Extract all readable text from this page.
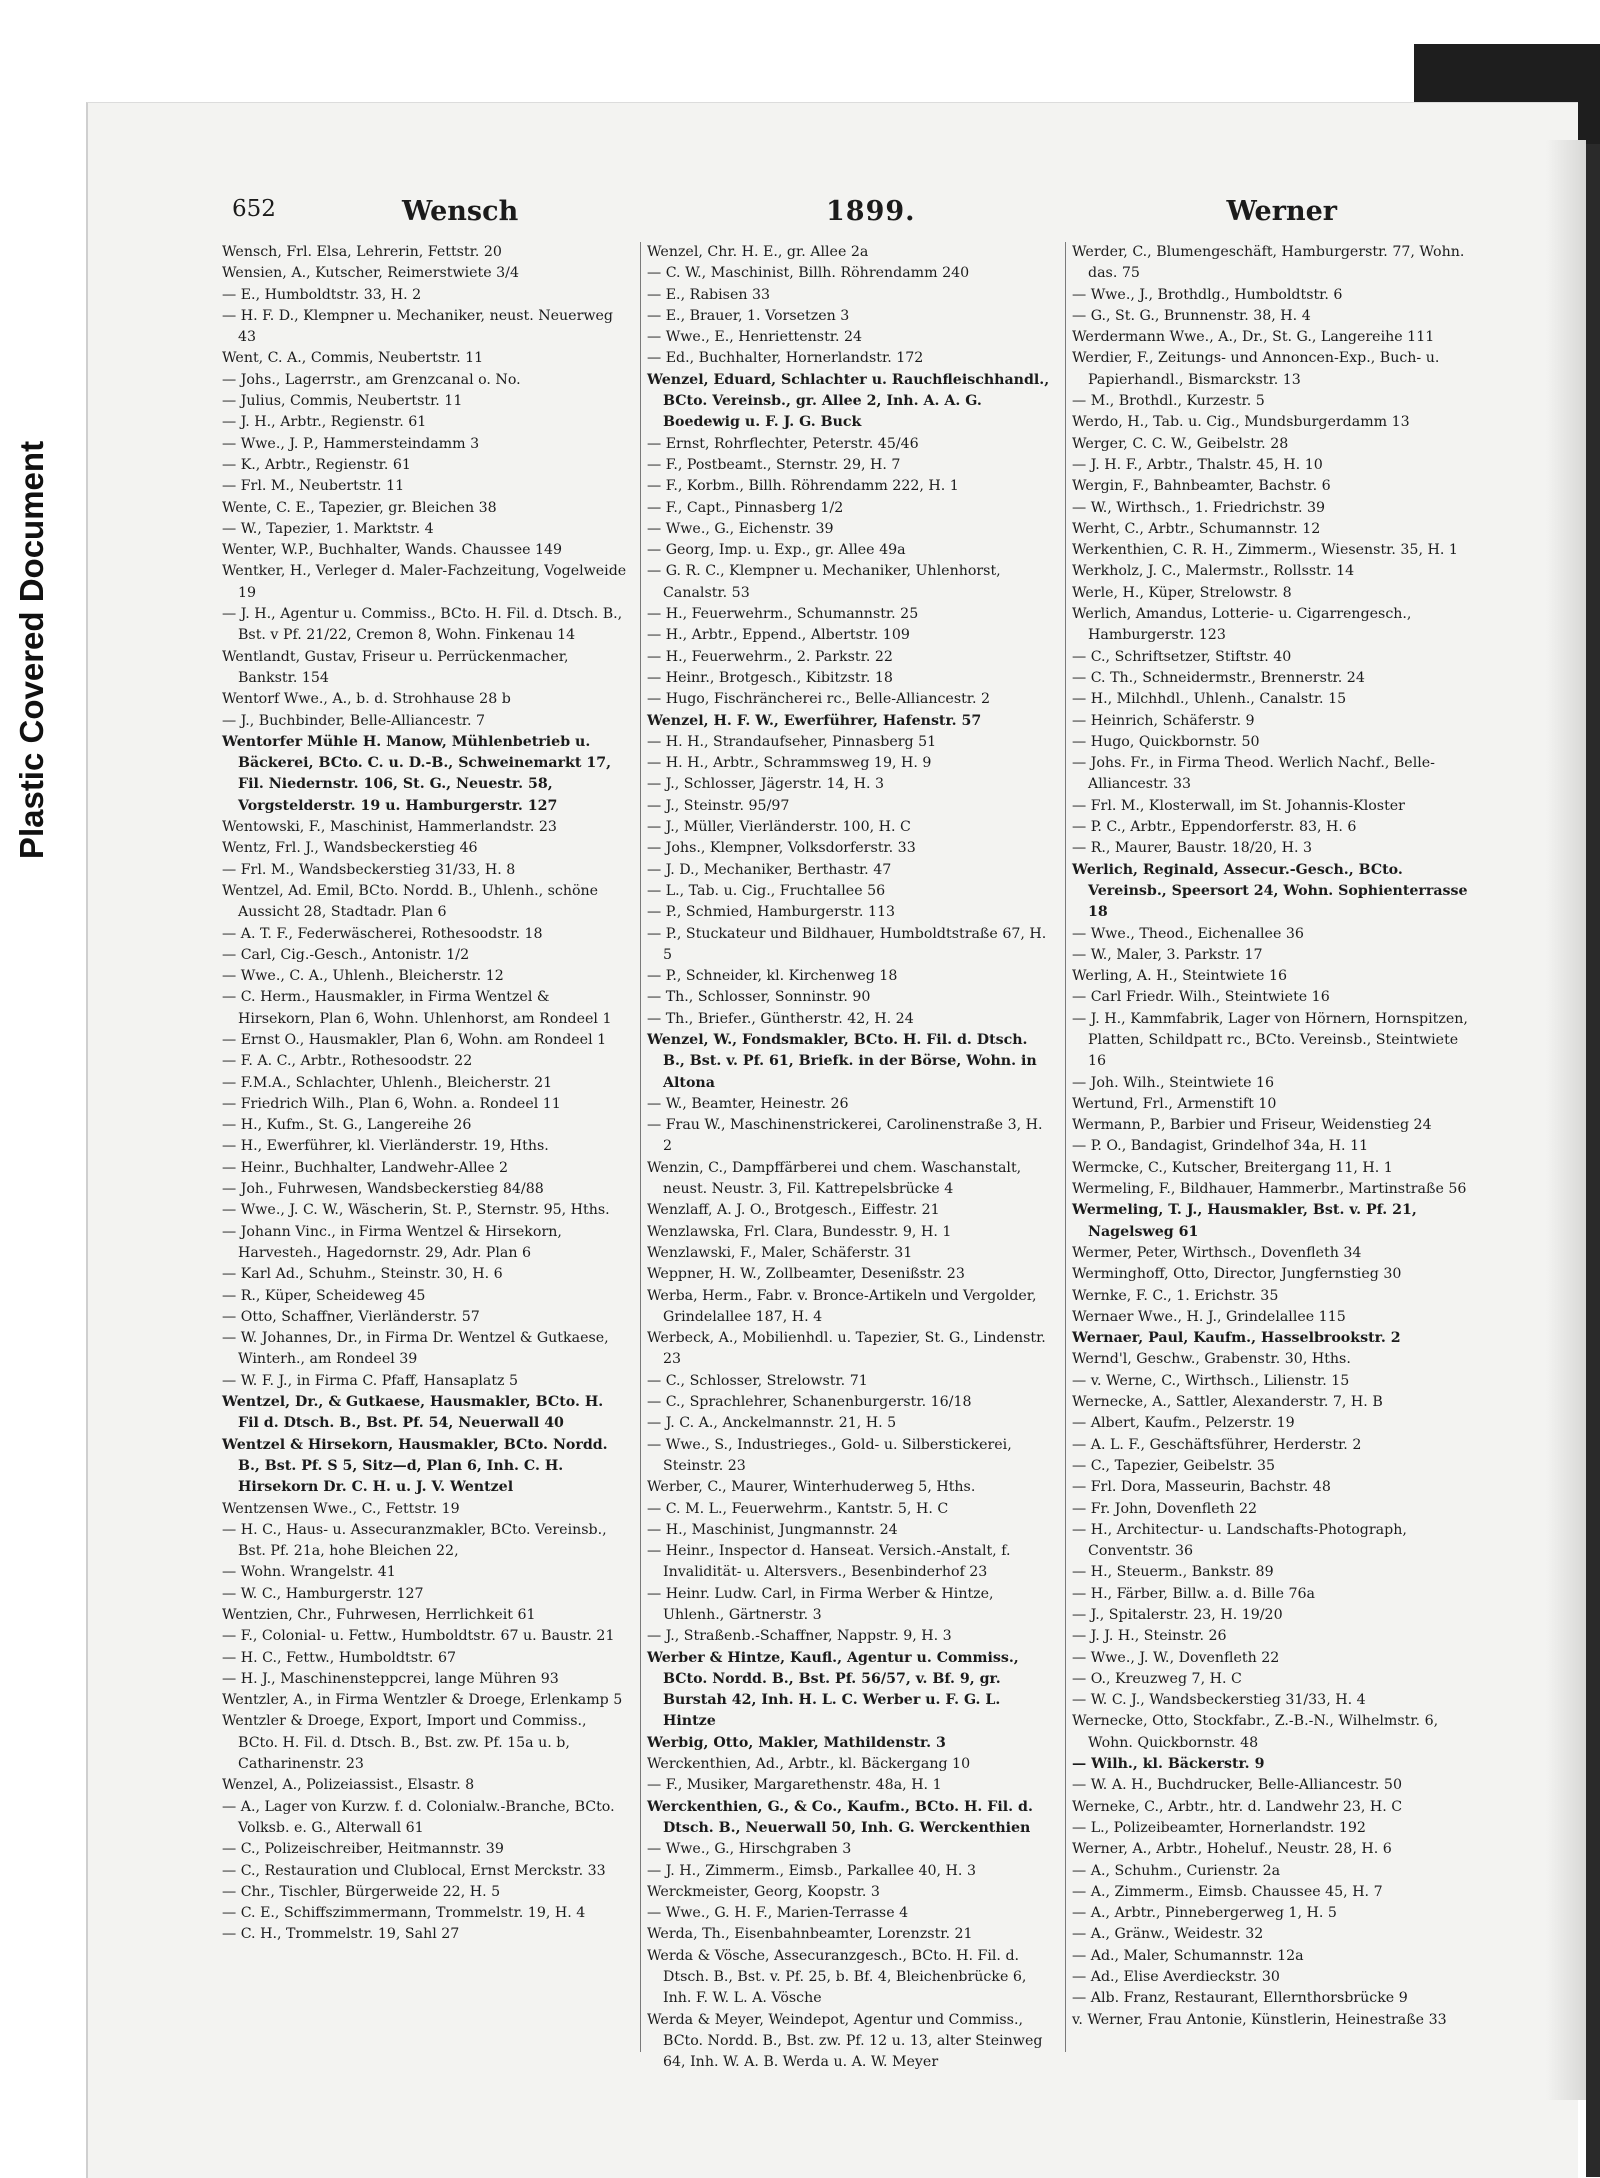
Plastic Covered Document
652	Wensch	1899.	Werner
Wensch, Frl. Elsa, Lehrerin, Fettstr. 20
Wensien, A., Kutscher, Reimerstwiete 3/4
— E., Humboldtstr. 33, H. 2
— H. F. D., Klempner u. Mechaniker, neust. Neuerweg 43
Went, C. A., Commis, Neubertstr. 11
— Johs., Lagerrstr., am Grenzcanal o. No.
— Julius, Commis, Neubertstr. 11
— J. H., Arbtr., Regienstr. 61
— Wwe., J. P., Hammersteindamm 3
— K., Arbtr., Regienstr. 61
— Frl. M., Neubertstr. 11
Wente, C. E., Tapezier, gr. Bleichen 38
— W., Tapezier, 1. Marktstr. 4
Wenter, W.P., Buchhalter, Wands. Chaussee 149
Wentker, H., Verleger d. Maler-Fachzeitung, Vogelweide 19
— J. H., Agentur u. Commiss., BCto. H. Fil. d. Dtsch. B., Bst. v Pf. 21/22, Cremon 8, Wohn. Finkenau 14
Wentlandt, Gustav, Friseur u. Perrückenmacher, Bankstr. 154
Wentorf Wwe., A., b. d. Strohhause 28 b
— J., Buchbinder, Belle-Alliancestr. 7
Wentorfer Mühle H. Manow, Mühlenbetrieb u. Bäckerei, BCto. C. u. D.-B., Schweinemarkt 17, Fil. Niedernstr. 106, St. G., Neuestr. 58, Vorgstelderstr. 19 u. Hamburgerstr. 127
Wentowski, F., Maschinist, Hammerlandstr. 23
Wentz, Frl. J., Wandsbeckerstieg 46
— Frl. M., Wandsbeckerstieg 31/33, H. 8
Wentzel, Ad. Emil, BCto. Nordd. B., Uhlenh., schöne Aussicht 28, Stadtadr. Plan 6
— A. T. F., Federwäscherei, Rothesoodstr. 18
— Carl, Cig.-Gesch., Antonistr. 1/2
— Wwe., C. A., Uhlenh., Bleicherstr. 12
— C. Herm., Hausmakler, in Firma Wentzel & Hirsekorn, Plan 6, Wohn. Uhlenhorst, am Rondeel 1
— Ernst O., Hausmakler, Plan 6, Wohn. am Rondeel 1
— F. A. C., Arbtr., Rothesoodstr. 22
— F.M.A., Schlachter, Uhlenh., Bleicherstr. 21
— Friedrich Wilh., Plan 6, Wohn. a. Rondeel 11
— H., Kufm., St. G., Langereihe 26
— H., Ewerführer, kl. Vierländerstr. 19, Hths.
— Heinr., Buchhalter, Landwehr-Allee 2
— Joh., Fuhrwesen, Wandsbeckerstieg 84/88
— Wwe., J. C. W., Wäscherin, St. P., Sternstr. 95, Hths.
— Johann Vinc., in Firma Wentzel & Hirsekorn, Harvesteh., Hagedornstr. 29, Adr. Plan 6
— Karl Ad., Schuhm., Steinstr. 30, H. 6
— R., Küper, Scheideweg 45
— Otto, Schaffner, Vierländerstr. 57
— W. Johannes, Dr., in Firma Dr. Wentzel & Gutkaese, Winterh., am Rondeel 39
— W. F. J., in Firma C. Pfaff, Hansaplatz 5
Wentzel, Dr., & Gutkaese, Hausmakler, BCto. H. Fil d. Dtsch. B., Bst. Pf. 54, Neuerwall 40
Wentzel & Hirsekorn, Hausmakler, BCto. Nordd. B., Bst. Pf. S 5, Sitz—d, Plan 6, Inh. C. H. Hirsekorn Dr. C. H. u. J. V. Wentzel
Wentzensen Wwe., C., Fettstr. 19
— H. C., Haus- u. Assecuranzmakler, BCto. Vereinsb., Bst. Pf. 21a, hohe Bleichen 22,
— Wohn. Wrangelstr. 41
— W. C., Hamburgerstr. 127
Wentzien, Chr., Fuhrwesen, Herrlichkeit 61
— F., Colonial- u. Fettw., Humboldtstr. 67 u. Baustr. 21
— H. C., Fettw., Humboldtstr. 67
— H. J., Maschinensteppcrei, lange Mühren 93
Wentzler, A., in Firma Wentzler & Droege, Erlenkamp 5
Wentzler & Droege, Export, Import und Commiss., BCto. H. Fil. d. Dtsch. B., Bst. zw. Pf. 15a u. b, Catharinenstr. 23
Wenzel, A., Polizeiassist., Elsastr. 8
— A., Lager von Kurzw. f. d. Colonialw.-Branche, BCto. Volksb. e. G., Alterwall 61
— C., Polizeischreiber, Heitmannstr. 39
— C., Restauration und Clublocal, Ernst Merckstr. 33
— Chr., Tischler, Bürgerweide 22, H. 5
— C. E., Schiffszimmermann, Trommelstr. 19, H. 4
— C. H., Trommelstr. 19, Sahl 27
Wenzel, Chr. H. E., gr. Allee 2a
— C. W., Maschinist, Billh. Röhrendamm 240
— E., Rabisen 33
— E., Brauer, 1. Vorsetzen 3
— Wwe., E., Henriettenstr. 24
— Ed., Buchhalter, Hornerlandstr. 172
Wenzel, Eduard, Schlachter u. Rauchfleischhandl., BCto. Vereinsb., gr. Allee 2, Inh. A. A. G. Boedewig u. F. J. G. Buck
— Ernst, Rohrflechter, Peterstr. 45/46
— F., Postbeamt., Sternstr. 29, H. 7
— F., Korbm., Billh. Röhrendamm 222, H. 1
— F., Capt., Pinnasberg 1/2
— Wwe., G., Eichenstr. 39
— Georg, Imp. u. Exp., gr. Allee 49a
— G. R. C., Klempner u. Mechaniker, Uhlenhorst, Canalstr. 53
— H., Feuerwehrm., Schumannstr. 25
— H., Arbtr., Eppend., Albertstr. 109
— H., Feuerwehrm., 2. Parkstr. 22
— Heinr., Brotgesch., Kibitzstr. 18
— Hugo, Fischräncherei rc., Belle-Alliancestr. 2
Wenzel, H. F. W., Ewerführer, Hafenstr. 57
— H. H., Strandaufseher, Pinnasberg 51
— H. H., Arbtr., Schrammsweg 19, H. 9
— J., Schlosser, Jägerstr. 14, H. 3
— J., Steinstr. 95/97
— J., Müller, Vierländerstr. 100, H. C
— Johs., Klempner, Volksdorferstr. 33
— J. D., Mechaniker, Berthastr. 47
— L., Tab. u. Cig., Fruchtallee 56
— P., Schmied, Hamburgerstr. 113
— P., Stuckateur und Bildhauer, Humboldtstraße 67, H. 5
— P., Schneider, kl. Kirchenweg 18
— Th., Schlosser, Sonninstr. 90
— Th., Briefer., Güntherstr. 42, H. 24
Wenzel, W., Fondsmakler, BCto. H. Fil. d. Dtsch. B., Bst. v. Pf. 61, Briefk. in der Börse, Wohn. in Altona
— W., Beamter, Heinestr. 26
— Frau W., Maschinenstrickerei, Carolinenstraße 3, H. 2
Wenzin, C., Dampffärberei und chem. Waschanstalt, neust. Neustr. 3, Fil. Kattrepelsbrücke 4
Wenzlaff, A. J. O., Brotgesch., Eiffestr. 21
Wenzlawska, Frl. Clara, Bundesstr. 9, H. 1
Wenzlawski, F., Maler, Schäferstr. 31
Weppner, H. W., Zollbeamter, Desenißstr. 23
Werba, Herm., Fabr. v. Bronce-Artikeln und Vergolder, Grindelallee 187, H. 4
Werbeck, A., Mobilienhdl. u. Tapezier, St. G., Lindenstr. 23
— C., Schlosser, Strelowstr. 71
— C., Sprachlehrer, Schanenburgerstr. 16/18
— J. C. A., Anckelmannstr. 21, H. 5
— Wwe., S., Industrieges., Gold- u. Silberstickerei, Steinstr. 23
Werber, C., Maurer, Winterhuderweg 5, Hths.
— C. M. L., Feuerwehrm., Kantstr. 5, H. C
— H., Maschinist, Jungmannstr. 24
— Heinr., Inspector d. Hanseat. Versich.-Anstalt, f. Invalidität- u. Altersvers., Besenbinderhof 23
— Heinr. Ludw. Carl, in Firma Werber & Hintze, Uhlenh., Gärtnerstr. 3
— J., Straßenb.-Schaffner, Nappstr. 9, H. 3
Werber & Hintze, Kaufl., Agentur u. Commiss., BCto. Nordd. B., Bst. Pf. 56/57, v. Bf. 9, gr. Burstah 42, Inh. H. L. C. Werber u. F. G. L. Hintze
Werbig, Otto, Makler, Mathildenstr. 3
Werckenthien, Ad., Arbtr., kl. Bäckergang 10
— F., Musiker, Margarethenstr. 48a, H. 1
Werckenthien, G., & Co., Kaufm., BCto. H. Fil. d. Dtsch. B., Neuerwall 50, Inh. G. Werckenthien
— Wwe., G., Hirschgraben 3
— J. H., Zimmerm., Eimsb., Parkallee 40, H. 3
Werckmeister, Georg, Koopstr. 3
— Wwe., G. H. F., Marien-Terrasse 4
Werda, Th., Eisenbahnbeamter, Lorenzstr. 21
Werda & Vösche, Assecuranzgesch., BCto. H. Fil. d. Dtsch. B., Bst. v. Pf. 25, b. Bf. 4, Bleichenbrücke 6, Inh. F. W. L. A. Vösche
Werda & Meyer, Weindepot, Agentur und Commiss., BCto. Nordd. B., Bst. zw. Pf. 12 u. 13, alter Steinweg 64, Inh. W. A. B. Werda u. A. W. Meyer
Werder, C., Blumengeschäft, Hamburgerstr. 77, Wohn. das. 75
— Wwe., J., Brothdlg., Humboldtstr. 6
— G., St. G., Brunnenstr. 38, H. 4
Werdermann Wwe., A., Dr., St. G., Langereihe 111
Werdier, F., Zeitungs- und Annoncen-Exp., Buch- u. Papierhandl., Bismarckstr. 13
— M., Brothdl., Kurzestr. 5
Werdo, H., Tab. u. Cig., Mundsburgerdamm 13
Werger, C. C. W., Geibelstr. 28
— J. H. F., Arbtr., Thalstr. 45, H. 10
Wergin, F., Bahnbeamter, Bachstr. 6
— W., Wirthsch., 1. Friedrichstr. 39
Werht, C., Arbtr., Schumannstr. 12
Werkenthien, C. R. H., Zimmerm., Wiesenstr. 35, H. 1
Werkholz, J. C., Malermstr., Rollsstr. 14
Werle, H., Küper, Strelowstr. 8
Werlich, Amandus, Lotterie- u. Cigarrengesch., Hamburgerstr. 123
— C., Schriftsetzer, Stiftstr. 40
— C. Th., Schneidermstr., Brennerstr. 24
— H., Milchhdl., Uhlenh., Canalstr. 15
— Heinrich, Schäferstr. 9
— Hugo, Quickbornstr. 50
— Johs. Fr., in Firma Theod. Werlich Nachf., Belle-Alliancestr. 33
— Frl. M., Klosterwall, im St. Johannis-Kloster
— P. C., Arbtr., Eppendorferstr. 83, H. 6
— R., Maurer, Baustr. 18/20, H. 3
Werlich, Reginald, Assecur.-Gesch., BCto. Vereinsb., Speersort 24, Wohn. Sophienterrasse 18
— Wwe., Theod., Eichenallee 36
— W., Maler, 3. Parkstr. 17
Werling, A. H., Steintwiete 16
— Carl Friedr. Wilh., Steintwiete 16
— J. H., Kammfabrik, Lager von Hörnern, Hornspitzen, Platten, Schildpatt rc., BCto. Vereinsb., Steintwiete 16
— Joh. Wilh., Steintwiete 16
Wertund, Frl., Armenstift 10
Wermann, P., Barbier und Friseur, Weidenstieg 24
— P. O., Bandagist, Grindelhof 34a, H. 11
Wermcke, C., Kutscher, Breitergang 11, H. 1
Wermeling, F., Bildhauer, Hammerbr., Martinstraße 56
Wermeling, T. J., Hausmakler, Bst. v. Pf. 21, Nagelsweg 61
Wermer, Peter, Wirthsch., Dovenfleth 34
Werminghoff, Otto, Director, Jungfernstieg 30
Wernke, F. C., 1. Erichstr. 35
Wernaer Wwe., H. J., Grindelallee 115
Wernaer, Paul, Kaufm., Hasselbrookstr. 2
Wernd'l, Geschw., Grabenstr. 30, Hths.
— v. Werne, C., Wirthsch., Lilienstr. 15
Wernecke, A., Sattler, Alexanderstr. 7, H. B
— Albert, Kaufm., Pelzerstr. 19
— A. L. F., Geschäftsführer, Herderstr. 2
— C., Tapezier, Geibelstr. 35
— Frl. Dora, Masseurin, Bachstr. 48
— Fr. John, Dovenfleth 22
— H., Architectur- u. Landschafts-Photograph, Conventstr. 36
— H., Steuerm., Bankstr. 89
— H., Färber, Billw. a. d. Bille 76a
— J., Spitalerstr. 23, H. 19/20
— J. J. H., Steinstr. 26
— Wwe., J. W., Dovenfleth 22
— O., Kreuzweg 7, H. C
— W. C. J., Wandsbeckerstieg 31/33, H. 4
Wernecke, Otto, Stockfabr., Z.-B.-N., Wilhelmstr. 6, Wohn. Quickbornstr. 48
— Wilh., kl. Bäckerstr. 9
— W. A. H., Buchdrucker, Belle-Alliancestr. 50
Werneke, C., Arbtr., htr. d. Landwehr 23, H. C
— L., Polizeibeamter, Hornerlandstr. 192
Werner, A., Arbtr., Hoheluf., Neustr. 28, H. 6
— A., Schuhm., Curienstr. 2a
— A., Zimmerm., Eimsb. Chaussee 45, H. 7
— A., Arbtr., Pinnebergerweg 1, H. 5
— A., Gränw., Weidestr. 32
— Ad., Maler, Schumannstr. 12a
— Ad., Elise Averdieckstr. 30
— Alb. Franz, Restaurant, Ellernthorsbrücke 9
v. Werner, Frau Antonie, Künstlerin, Heinestraße 33
